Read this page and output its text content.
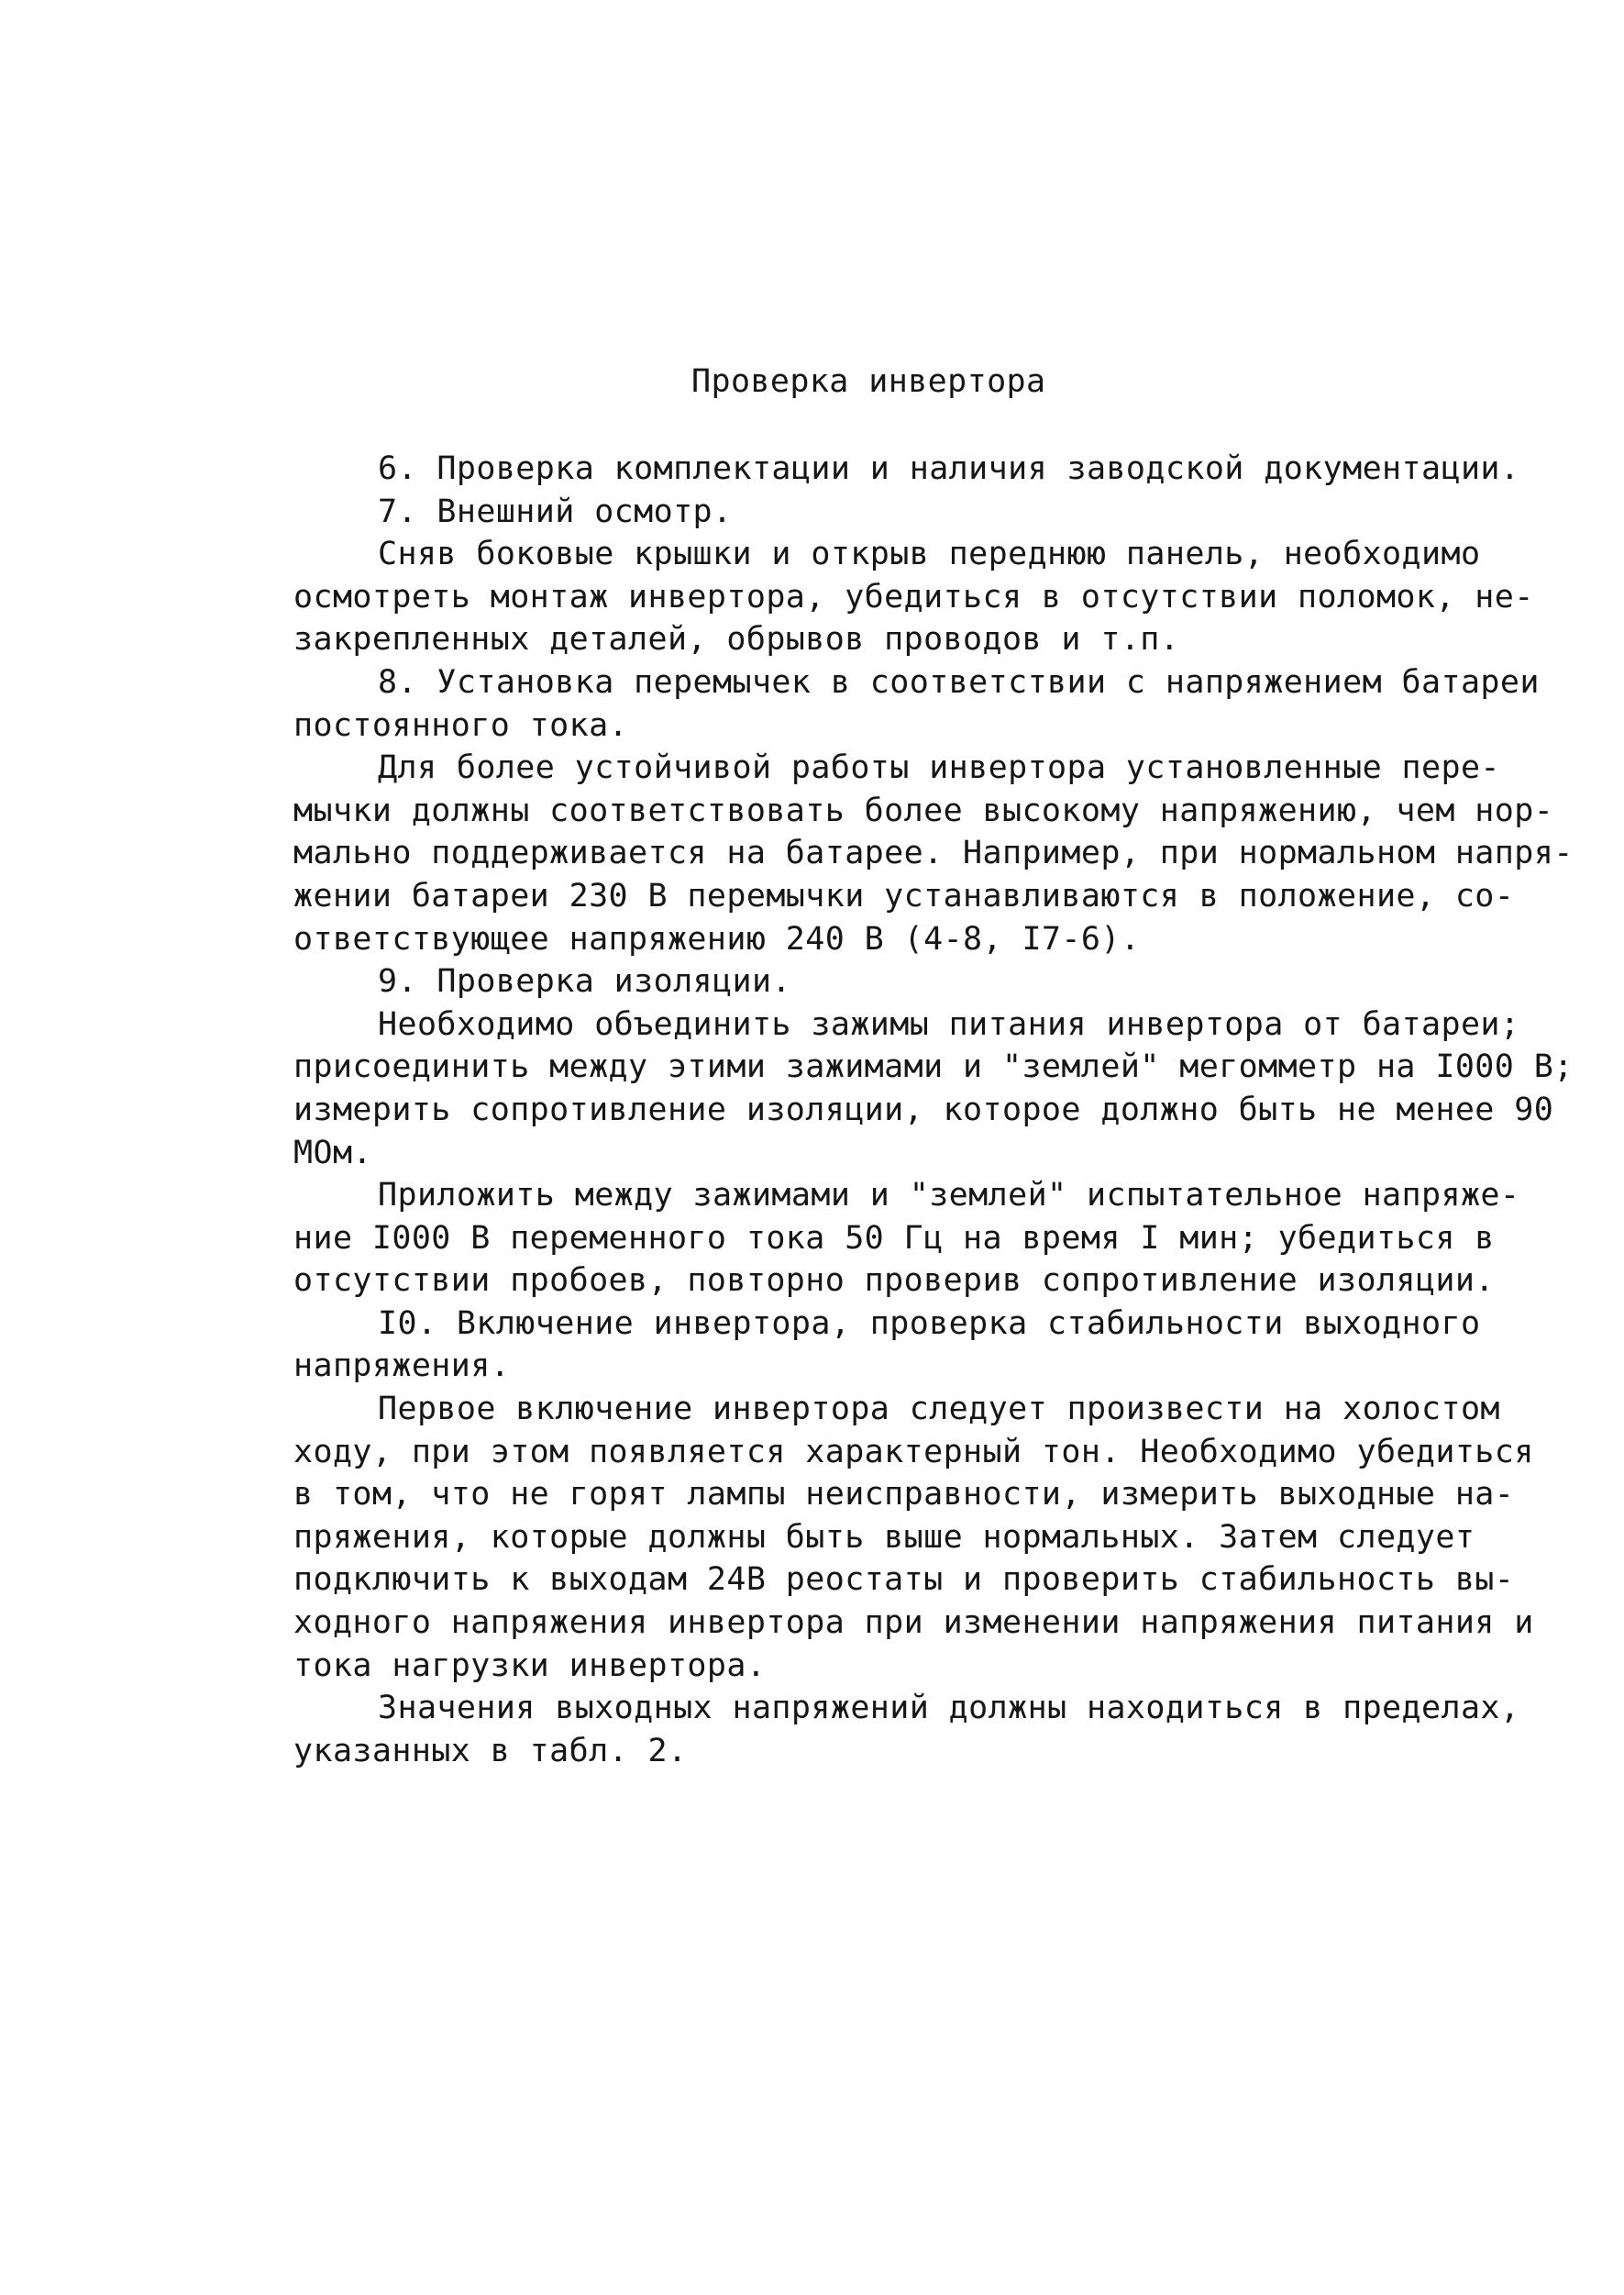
Проверка инвертора
6. Проверка комплектации и наличия заводской документации.
7. Внешний осмотр.
Сняв боковые крышки и открыв переднюю панель, необходимо
осмотреть монтаж инвертора, убедиться в отсутствии поломок, не-
закрепленных деталей, обрывов проводов и т.п.
8. Установка перемычек в соответствии с напряжением батареи
постоянного тока.
Для более устойчивой работы инвертора установленные пере-
мычки должны соответствовать более высокому напряжению, чем нор-
мально поддерживается на батарее. Например, при нормальном напря-
жении батареи 230 В перемычки устанавливаются в положение, со-
ответствующее напряжению 240 В (4-8, I7-6).
9. Проверка изоляции.
Необходимо объединить зажимы питания инвертора от батареи;
присоединить между этими зажимами и "землей" мегомметр на I000 В;
измерить сопротивление изоляции, которое должно быть не менее 90
МОм.
Приложить между зажимами и "землей" испытательное напряже-
ние I000 В переменного тока 50 Гц на время I мин; убедиться в
отсутствии пробоев, повторно проверив сопротивление изоляции.
I0. Включение инвертора, проверка стабильности выходного
напряжения.
Первое включение инвертора следует произвести на холостом
ходу, при этом появляется характерный тон. Необходимо убедиться
в том, что не горят лампы неисправности, измерить выходные на-
пряжения, которые должны быть выше нормальных. Затем следует
подключить к выходам 24В реостаты и проверить стабильность вы-
ходного напряжения инвертора при изменении напряжения питания и
тока нагрузки инвертора.
Значения выходных напряжений должны находиться в пределах,
указанных в табл. 2.
